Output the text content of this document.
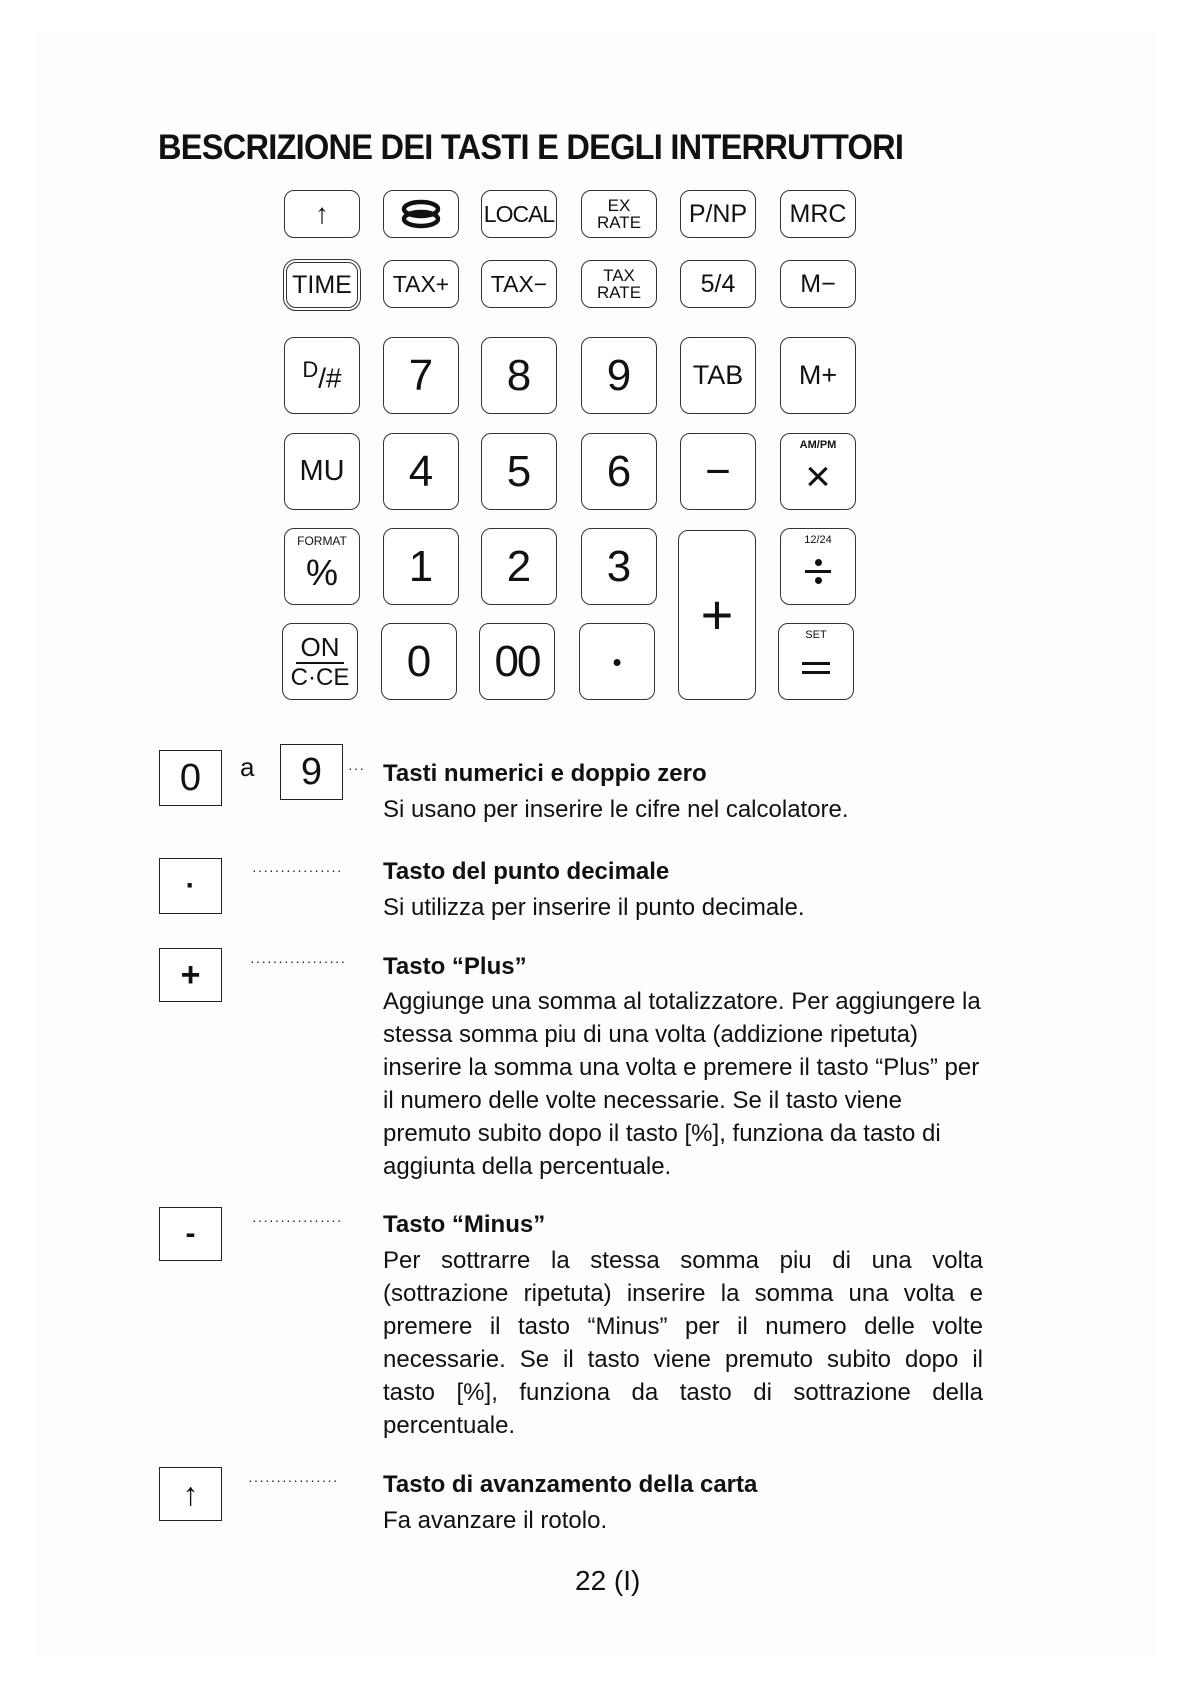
BESCRIZIONE DEI TASTI E DEGLI INTERRUTTORI
↑	LOCAL	EX
RATE P/NP MRC
TIME TAX+ TAX−	TAX
RATE 5/4	M−
$^D$/# 7 8 9 TAB M+
MU 4 5 6 −
AM/PM
×
FORMAT
% 1 2 3
+
12/24
$\frac{ON}{C\cdot CE} 0$ 00	•
SET
0 a 9 ··· Tasti numerici e doppio zero
Si usano per inserire le cifre nel calcolatore.
·	················ Tasto del punto decimale
Si utilizza per inserire il punto decimale.
+	················· Tasto “Plus”
Aggiunge una somma al totalizzatore. Per aggiungere la stessa somma piu di una volta (addizione ripetuta) inserire la somma una volta e premere il tasto “Plus” per il numero delle volte necessarie. Se il tasto viene premuto subito dopo il tasto [%], funziona da tasto di aggiunta della percentuale.
-	················ Tasto “Minus”
Per sottrarre la stessa somma piu di una volta (sottrazione ripetuta) inserire la somma una volta e premere il tasto “Minus” per il numero delle volte necessarie. Se il tasto viene premuto subito dopo il tasto [%], funziona da tasto di sottrazione della percentuale.
↑	················ Tasto di avanzamento della carta
Fa avanzare il rotolo.
22 (I)
